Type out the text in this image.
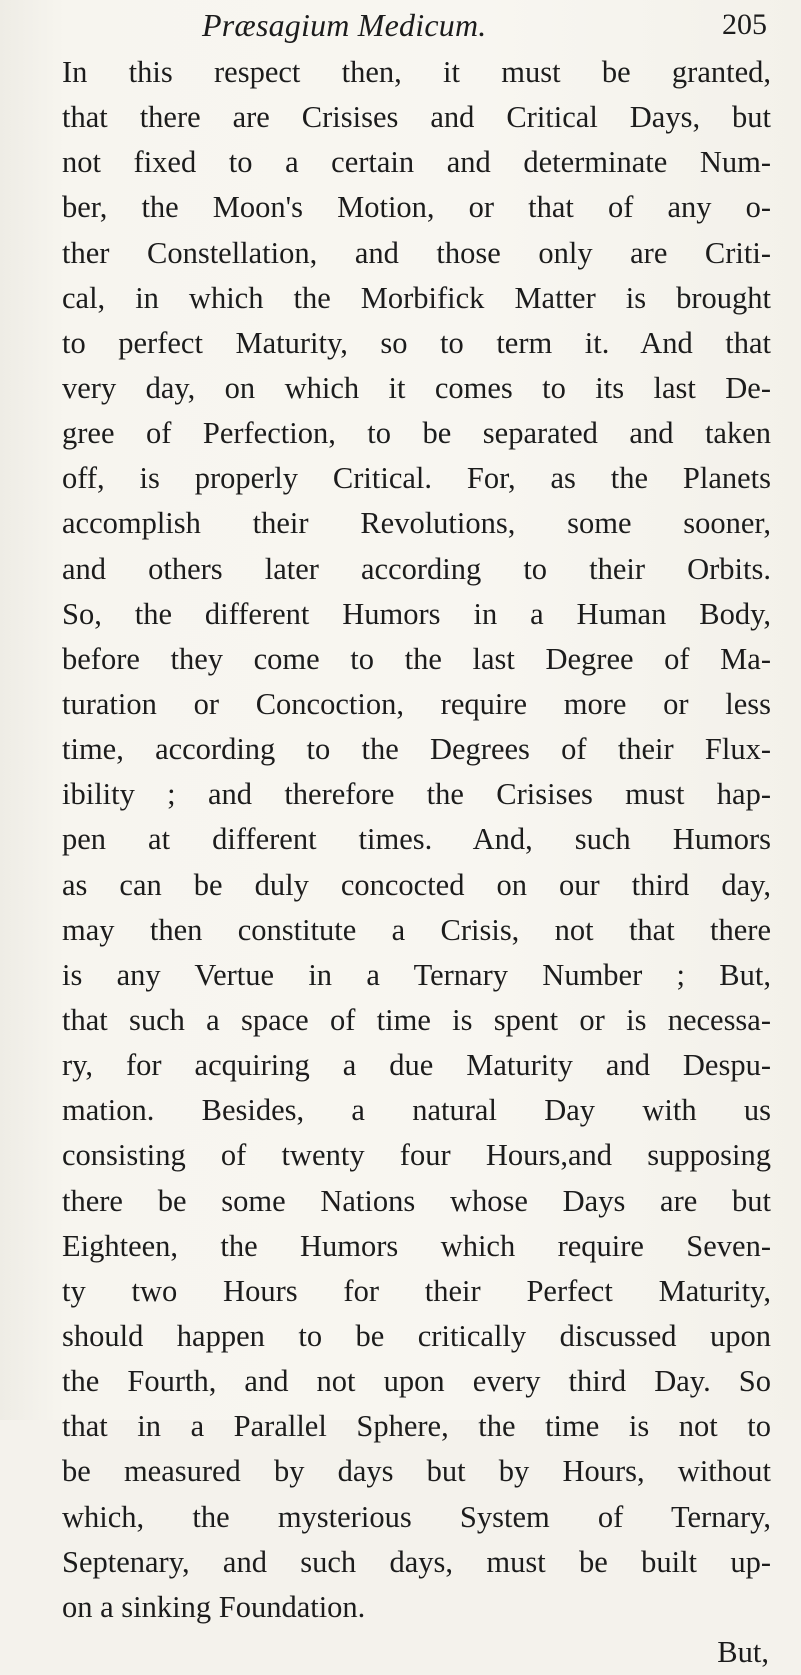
Præsagium Medicum.	205
In this respect then, it must be granted,
that there are Crisises and Critical Days, but
not fixed to a certain and determinate Num-
ber, the Moon's Motion, or that of any o-
ther Constellation, and those only are Criti-
cal, in which the Morbifick Matter is brought
to perfect Maturity, so to term it. And that
very day, on which it comes to its last De-
gree of Perfection, to be separated and taken
off, is properly Critical. For, as the Planets
accomplish their Revolutions, some sooner,
and others later according to their Orbits.
So, the different Humors in a Human Body,
before they come to the last Degree of Ma-
turation or Concoction, require more or less
time, according to the Degrees of their Flux-
ibility ; and therefore the Crisises must hap-
pen at different times. And, such Humors
as can be duly concocted on our third day,
may then constitute a Crisis, not that there
is any Vertue in a Ternary Number ; But,
that such a space of time is spent or is necessa-
ry, for acquiring a due Maturity and Despu-
mation. Besides, a natural Day with us
consisting of twenty four Hours,and supposing
there be some Nations whose Days are but
Eighteen, the Humors which require Seven-
ty two Hours for their Perfect Maturity,
should happen to be critically discussed upon
the Fourth, and not upon every third Day. So
that in a Parallel Sphere, the time is not to
be measured by days but by Hours, without
which, the mysterious System of Ternary,
Septenary, and such days, must be built up-
on a sinking Foundation.
But,
